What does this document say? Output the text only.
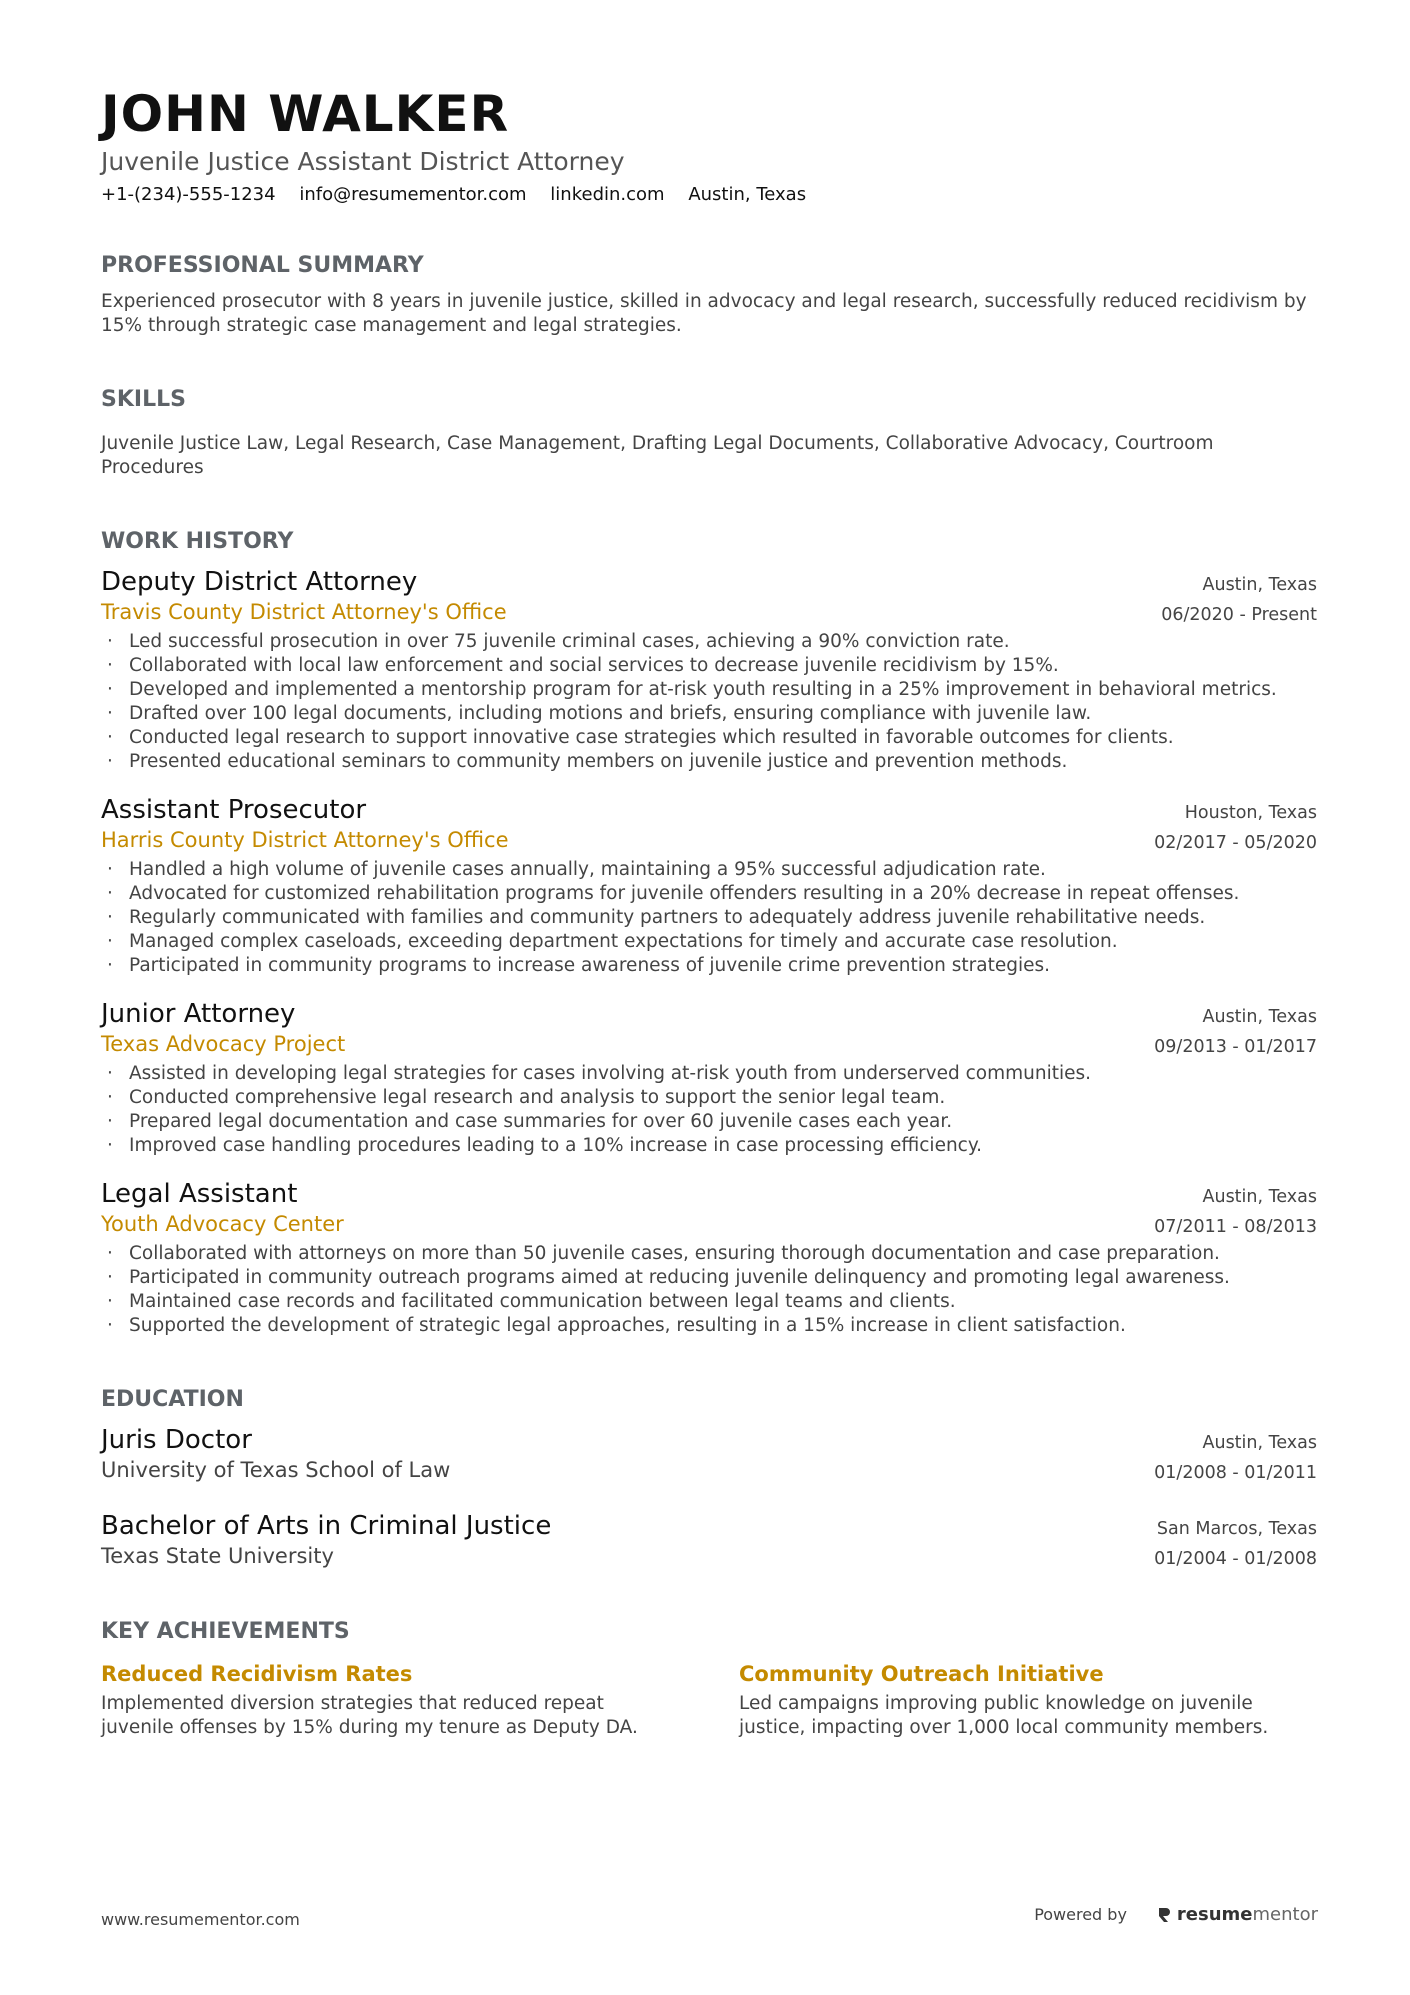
JOHN WALKER
Juvenile Justice Assistant District Attorney
+1-(234)-555-1234 info@resumementor.com linkedin.com Austin, Texas
PROFESSIONAL SUMMARY
Experienced prosecutor with 8 years in juvenile justice, skilled in advocacy and legal research, successfully reduced recidivism by 15% through strategic case management and legal strategies.
SKILLS
Juvenile Justice Law, Legal Research, Case Management, Drafting Legal Documents, Collaborative Advocacy, Courtroom Procedures
WORK HISTORY
Deputy District Attorney
Travis County District Attorney's Office
Austin, Texas
06/2020 - Present
· Led successful prosecution in over 75 juvenile criminal cases, achieving a 90% conviction rate.
· Collaborated with local law enforcement and social services to decrease juvenile recidivism by 15%.
· Developed and implemented a mentorship program for at-risk youth resulting in a 25% improvement in behavioral metrics.
· Drafted over 100 legal documents, including motions and briefs, ensuring compliance with juvenile law.
· Conducted legal research to support innovative case strategies which resulted in favorable outcomes for clients.
· Presented educational seminars to community members on juvenile justice and prevention methods.
Assistant Prosecutor
Harris County District Attorney's Office
Houston, Texas
02/2017 - 05/2020
· Handled a high volume of juvenile cases annually, maintaining a 95% successful adjudication rate.
· Advocated for customized rehabilitation programs for juvenile offenders resulting in a 20% decrease in repeat offenses.
· Regularly communicated with families and community partners to adequately address juvenile rehabilitative needs.
· Managed complex caseloads, exceeding department expectations for timely and accurate case resolution.
· Participated in community programs to increase awareness of juvenile crime prevention strategies.
Junior Attorney
Texas Advocacy Project
Austin, Texas
09/2013 - 01/2017
· Assisted in developing legal strategies for cases involving at-risk youth from underserved communities.
· Conducted comprehensive legal research and analysis to support the senior legal team.
· Prepared legal documentation and case summaries for over 60 juvenile cases each year.
· Improved case handling procedures leading to a 10% increase in case processing efficiency.
Legal Assistant
Youth Advocacy Center
Austin, Texas
07/2011 - 08/2013
· Collaborated with attorneys on more than 50 juvenile cases, ensuring thorough documentation and case preparation.
· Participated in community outreach programs aimed at reducing juvenile delinquency and promoting legal awareness.
· Maintained case records and facilitated communication between legal teams and clients.
· Supported the development of strategic legal approaches, resulting in a 15% increase in client satisfaction.
EDUCATION
Juris Doctor
University of Texas School of Law
Austin, Texas
01/2008 - 01/2011
Bachelor of Arts in Criminal Justice
Texas State University
San Marcos, Texas
01/2004 - 01/2008
KEY ACHIEVEMENTS
Reduced Recidivism Rates
Implemented diversion strategies that reduced repeat juvenile offenses by 15% during my tenure as Deputy DA.
Community Outreach Initiative
Led campaigns improving public knowledge on juvenile justice, impacting over 1,000 local community members.
www.resumementor.com	Powered by	resume mentor
